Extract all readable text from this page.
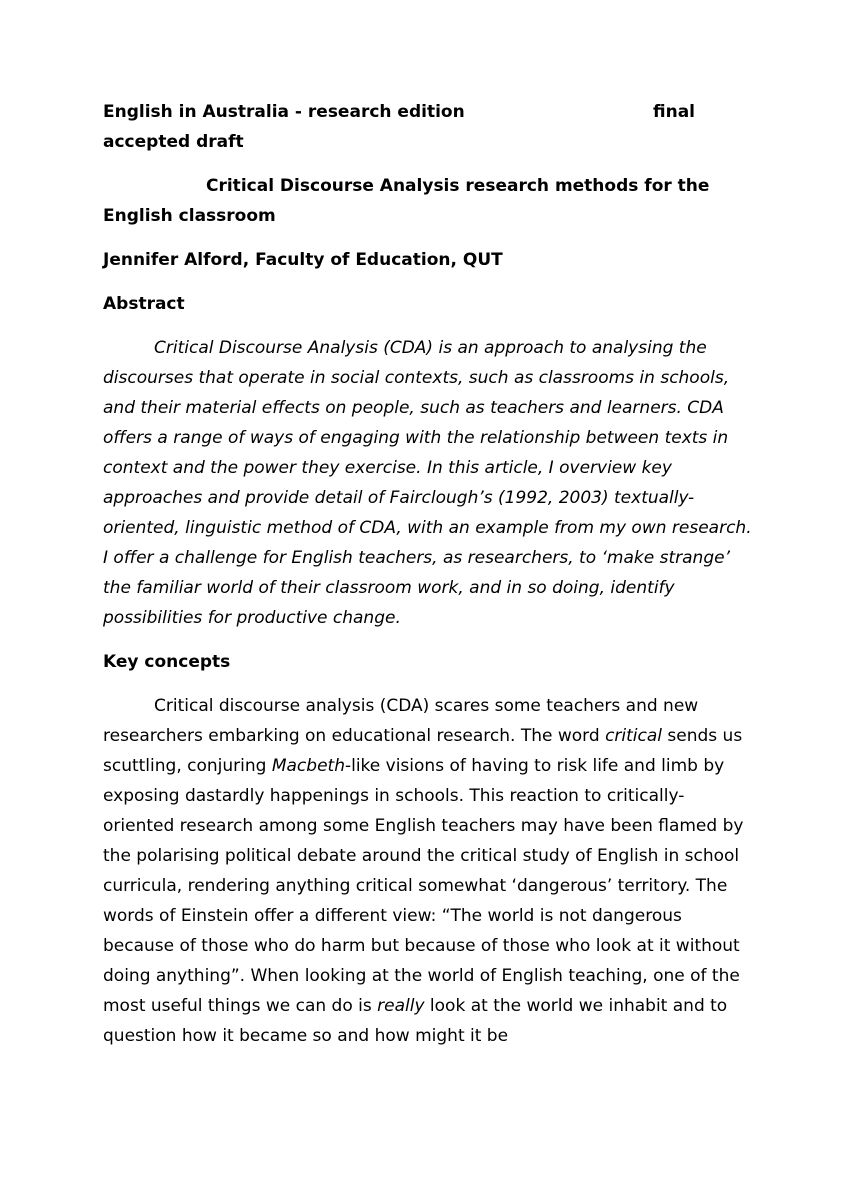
English in Australia - research edition	final
accepted draft
Critical Discourse Analysis research methods for the
English classroom
Jennifer Alford, Faculty of Education, QUT
Abstract

Critical Discourse Analysis (CDA) is an approach to analysing the discourses that operate in social contexts, such as classrooms in schools, and their material effects on people, such as teachers and learners. CDA offers a range of ways of engaging with the relationship between texts in context and the power they exercise. In this article, I overview key approaches and provide detail of Fairclough’s (1992, 2003) textually-oriented, linguistic method of CDA, with an example from my own research. I offer a challenge for English teachers, as researchers, to ‘make strange’ the familiar world of their classroom work, and in so doing, identify possibilities for productive change.

Key concepts

Critical discourse analysis (CDA) scares some teachers and new researchers embarking on educational research. The word critical sends us scuttling, conjuring Macbeth-like visions of having to risk life and limb by exposing dastardly happenings in schools. This reaction to critically-oriented research among some English teachers may have been flamed by the polarising political debate around the critical study of English in school curricula, rendering anything critical somewhat ‘dangerous’ territory. The words of Einstein offer a different view: “The world is not dangerous because of those who do harm but because of those who look at it without doing anything”. When looking at the world of English teaching, one of the most useful things we can do is really look at the world we inhabit and to question how it became so and how might it be
